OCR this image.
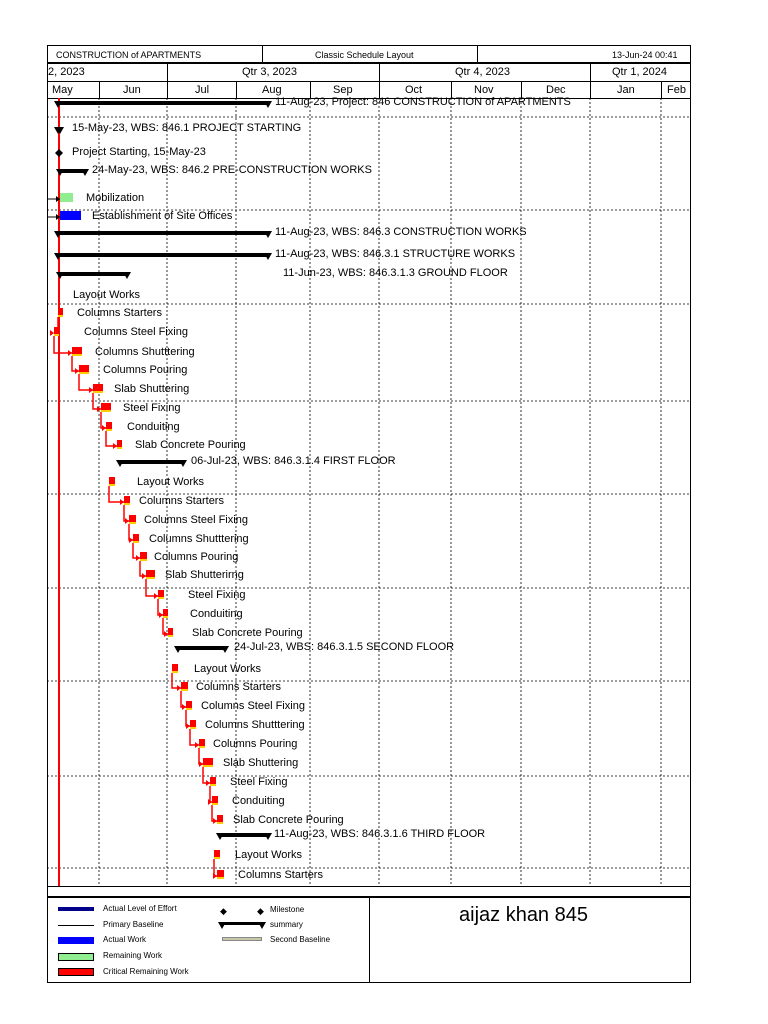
CONSTRUCTION of APARTMENTS	Classic Schedule Layout	13-Jun-24 00:41
2, 2023	Qtr 3, 2023	Qtr 4, 2023	Qtr 1, 2024
May	Jun	Jul	Aug	Sep	Oct	Nov	Dec	Jan	Feb
11-Aug-23, Project: 846 CONSTRUCTION of APARTMENTS
15-May-23, WBS: 846.1 PROJECT STARTING
Project Starting, 15-May-23
24-May-23, WBS: 846.2 PRE-CONSTRUCTION WORKS
Mobilization
Establishment of Site Offices
11-Aug-23, WBS: 846.3 CONSTRUCTION WORKS
11-Aug-23, WBS: 846.3.1 STRUCTURE WORKS
11-Jun-23, WBS: 846.3.1.3 GROUND FLOOR
Layout Works
Columns Starters
Columns Steel Fixing
Columns Shutttering
Columns Pouring
Slab Shuttering
Steel Fixing
Conduiting
Slab Concrete Pouring
06-Jul-23, WBS: 846.3.1.4 FIRST FLOOR
Layout Works
Columns Starters
Columns Steel Fixing
Columns Shutttering
Columns Pouring
Slab Shutterirng
Steel Fixing
Conduiting
Slab Concrete Pouring
24-Jul-23, WBS: 846.3.1.5 SECOND FLOOR
Layout Works
Columns Starters
Columns Steel Fixing
Columns Shutttering
Columns Pouring
Slab Shuttering
Steel Fixing
Conduiting
Slab Concrete Pouring
11-Aug-23, WBS: 846.3.1.6 THIRD FLOOR
Layout Works
Columns Starters
Actual Level of Effort
Primary Baseline
Actual Work
Remaining Work
Critical Remaining Work
◆	◆ Milestone
summary
Second Baseline
aijaz khan 845
